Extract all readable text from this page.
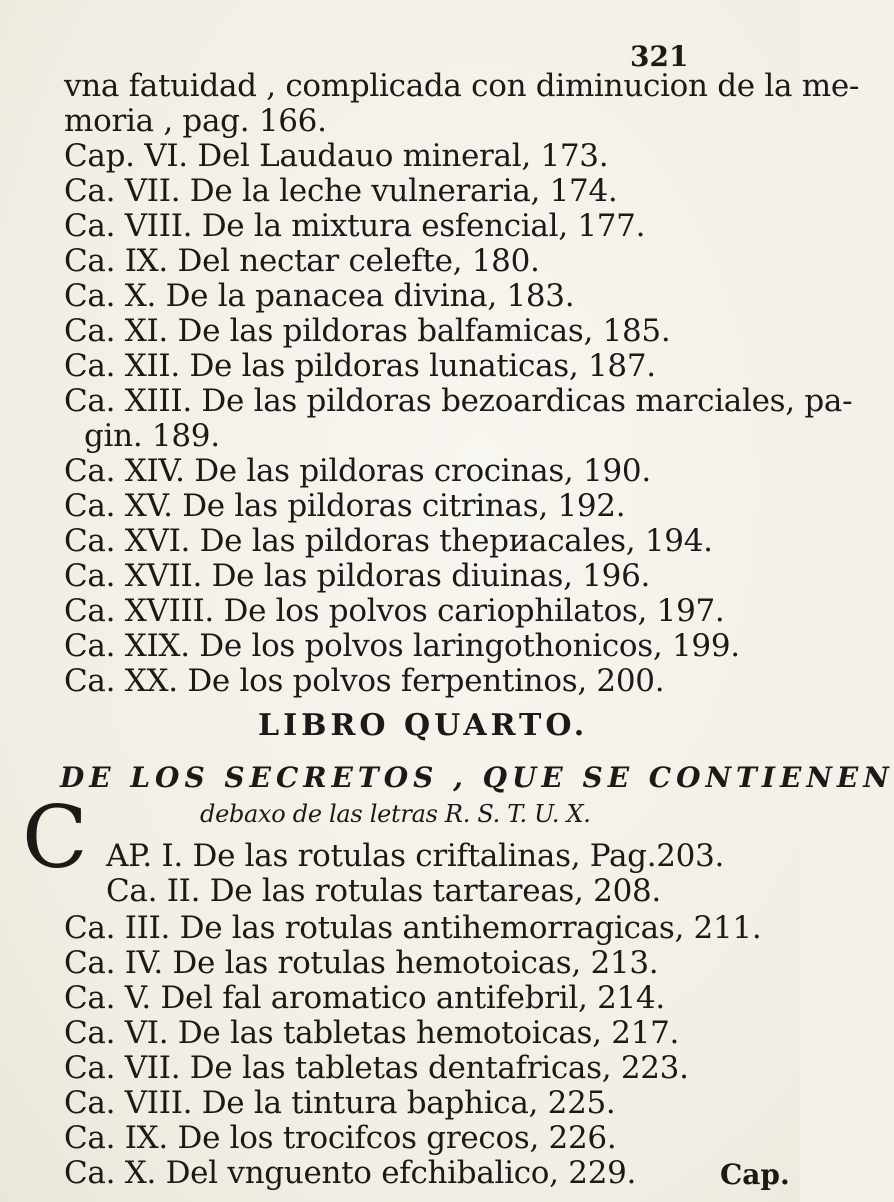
321
vna fatuidad , complicada con diminucion de la me-
moria , pag. 166.
Cap. VI. Del Laudauo mineral, 173.
Ca. VII. De la leche vulneraria, 174.
Ca. VIII. De la mixtura esfencial, 177.
Ca. IX. Del nectar celefte, 180.
Ca. X. De la panacea divina, 183.
Ca. XI. De las pildoras balfamicas, 185.
Ca. XII. De las pildoras lunaticas, 187.
Ca. XIII. De las pildoras bezoardicas marciales, pa-
gin. 189.
Ca. XIV. De las pildoras crocinas, 190.
Ca. XV. De las pildoras citrinas, 192.
Ca. XVI. De las pildoras thериacales, 194.
Ca. XVII. De las pildoras diuinas, 196.
Ca. XVIII. De los polvos cariophilatos, 197.
Ca. XIX. De los polvos laringothonicos, 199.
Ca. XX. De los polvos ferpentinos, 200.
LIBRO QUARTO.
DE LOS SECRETOS , QUE SE CONTIENEN
debaxo de las letras R. S. T. U. X.
C AP. I. De las rotulas criftalinas, Pag.203.
Ca. II. De las rotulas tartareas, 208.
Ca. III. De las rotulas antihemorragicas, 211.
Ca. IV. De las rotulas hemotoicas, 213.
Ca. V. Del fal aromatico antifebril, 214.
Ca. VI. De las tabletas hemotoicas, 217.
Ca. VII. De las tabletas dentafricas, 223.
Ca. VIII. De la tintura baphica, 225.
Ca. IX. De los trocifcos grecos, 226.
Ca. X. Del vnguento efchibalico, 229.	Cap.
